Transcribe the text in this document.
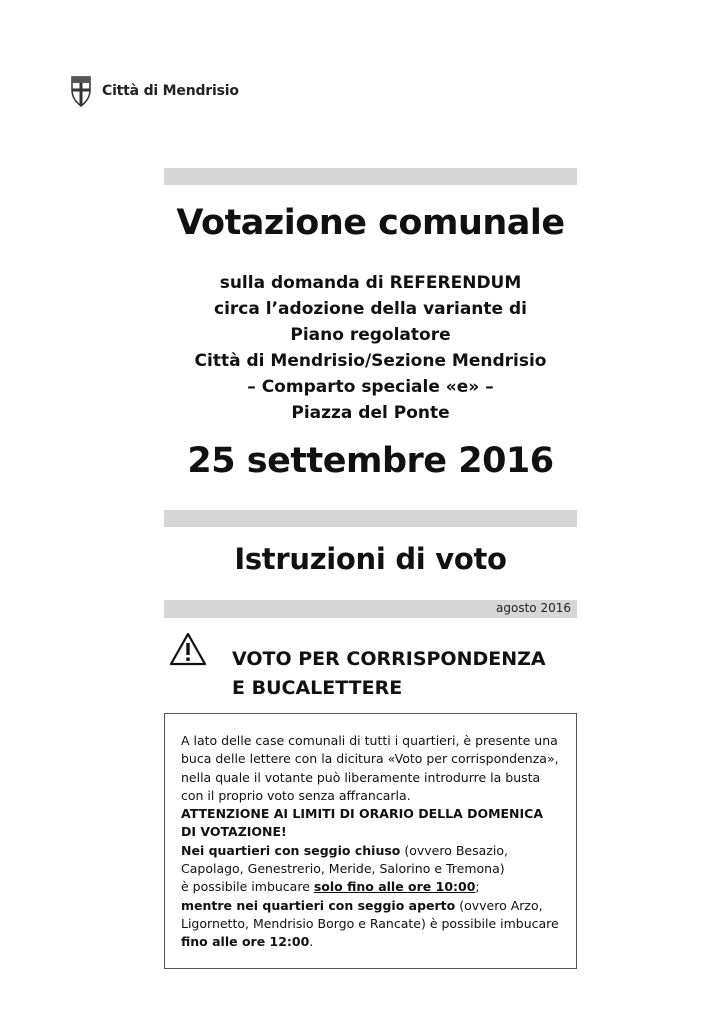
Città di Mendrisio
Votazione comunale
sulla domanda di REFERENDUM
circa l’adozione della variante di
Piano regolatore
Città di Mendrisio/Sezione Mendrisio
– Comparto speciale «e» –
Piazza del Ponte
25 settembre 2016
Istruzioni di voto
agosto 2016
VOTO PER CORRISPONDENZA
E BUCALETTERE

A lato delle case comunali di tutti i quartieri, è presente una buca delle lettere con la dicitura «Voto per corrispondenza», nella quale il votante può liberamente introdurre la busta con il proprio voto senza affrancarla.

ATTENZIONE AI LIMITI DI ORARIO DELLA DOMENICA DI VOTAZIONE!

Nei quartieri con seggio chiuso (ovvero Besazio, Capolago, Genestrerio, Meride, Salorino e Tremona)

è possibile imbucare solo fino alle ore 10:00;

mentre nei quartieri con seggio aperto (ovvero Arzo, Ligornetto, Mendrisio Borgo e Rancate) è possibile imbucare fino alle ore 12:00.
